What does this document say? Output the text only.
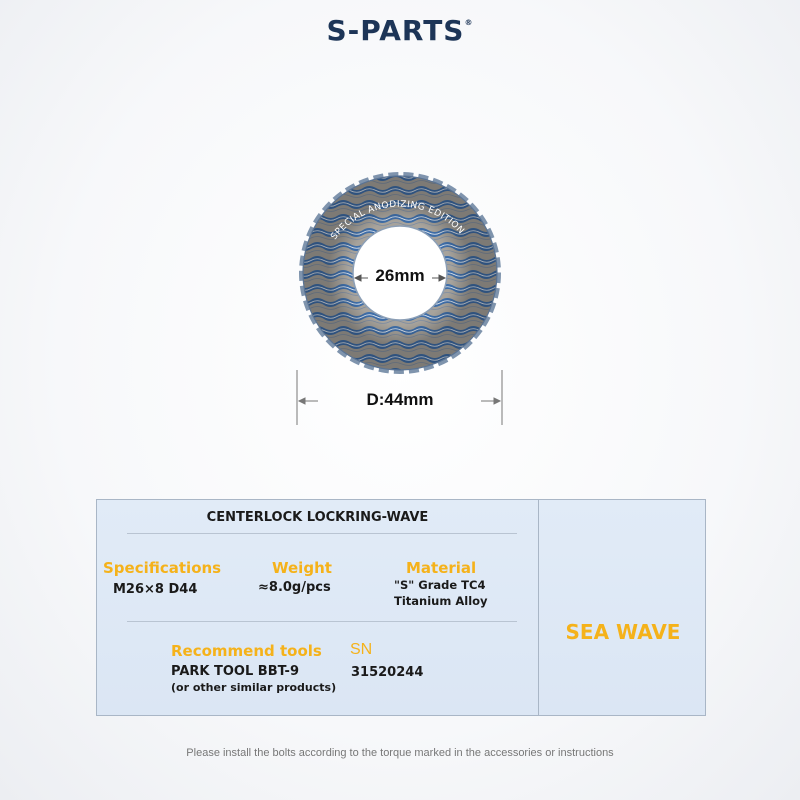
S-PARTS®
SPECIAL ANODIZING EDITION
26mm
D:44mm
CENTERLOCK LOCKRING-WAVE
Specifications
M26×8 D44
Weight
≈8.0g/pcs
Material
"S" Grade TC4
Titanium Alloy
Recommend tools
PARK TOOL BBT-9
(or other similar products)
SN
31520244
SEA WAVE
Please install the bolts according to the torque marked in the accessories or instructions
